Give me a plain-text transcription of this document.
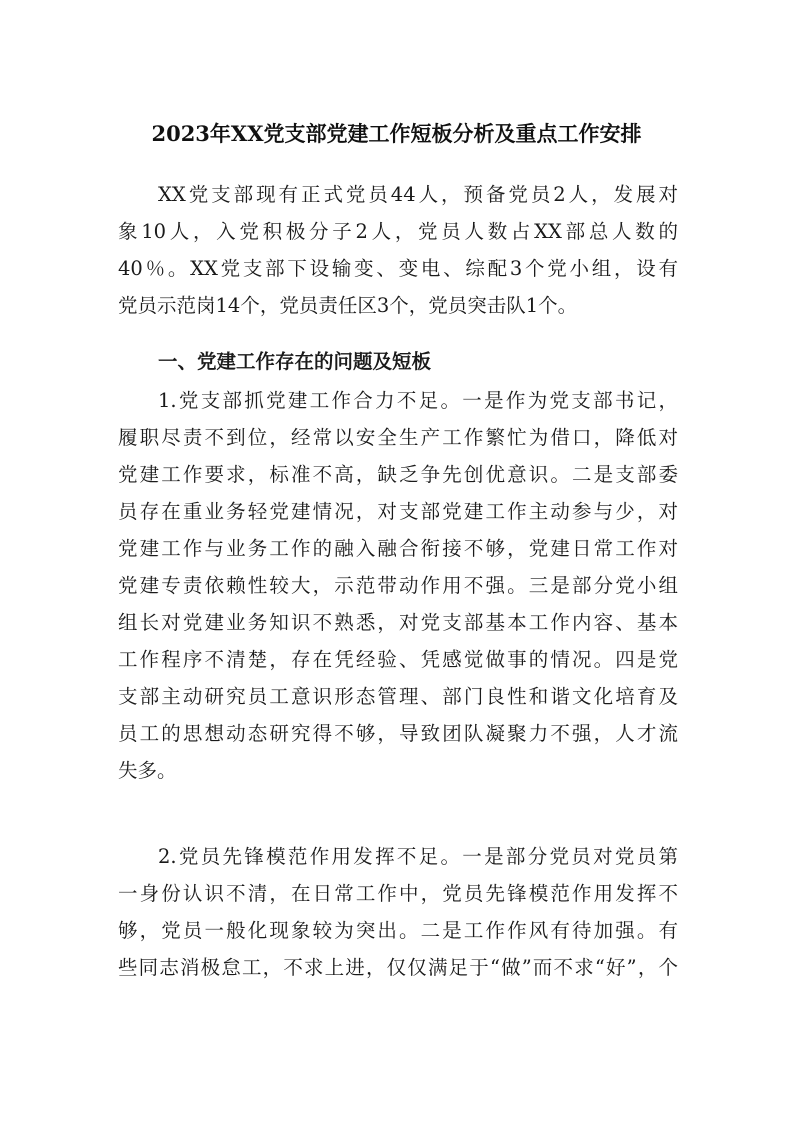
2023年XX党支部党建工作短板分析及重点工作安排
XX党支部现有正式党员44人，预备党员2人，发展对
象10人，入党积极分子2人，党员人数占XX部总人数的
40％。XX党支部下设输变、变电、综配3个党小组，设有
党员示范岗14个，党员责任区3个，党员突击队1个。
一、党建工作存在的问题及短板
1.党支部抓党建工作合力不足。一是作为党支部书记，
履职尽责不到位，经常以安全生产工作繁忙为借口，降低对
党建工作要求，标准不高，缺乏争先创优意识。二是支部委
员存在重业务轻党建情况，对支部党建工作主动参与少，对
党建工作与业务工作的融入融合衔接不够，党建日常工作对
党建专责依赖性较大，示范带动作用不强。三是部分党小组
组长对党建业务知识不熟悉，对党支部基本工作内容、基本
工作程序不清楚，存在凭经验、凭感觉做事的情况。四是党
支部主动研究员工意识形态管理、部门良性和谐文化培育及
员工的思想动态研究得不够，导致团队凝聚力不强，人才流
失多。
2.党员先锋模范作用发挥不足。一是部分党员对党员第
一身份认识不清，在日常工作中，党员先锋模范作用发挥不
够，党员一般化现象较为突出。二是工作作风有待加强。有
些同志消极怠工，不求上进，仅仅满足于“做”而不求“好”，个
